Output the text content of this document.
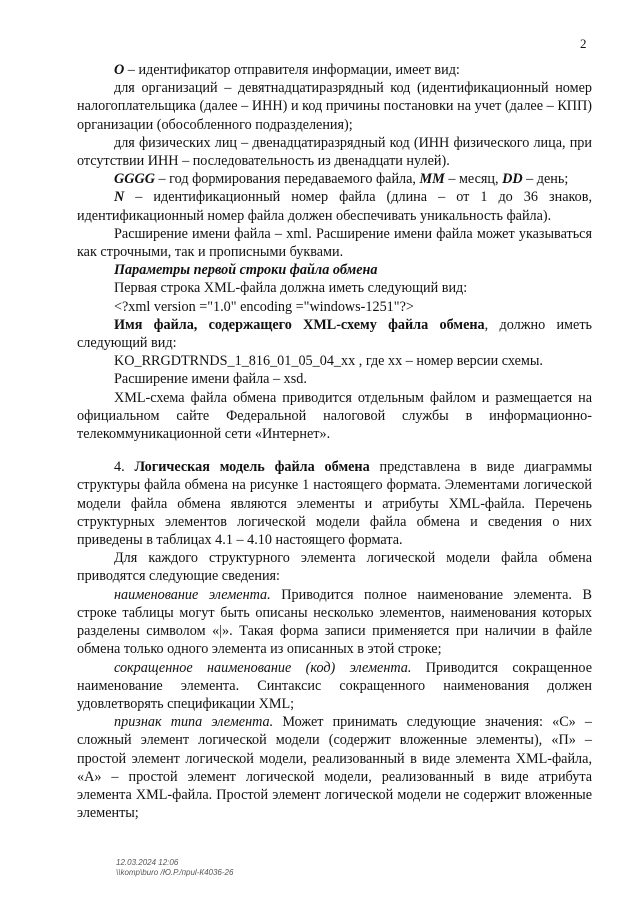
2

O – идентификатор отправителя информации, имеет вид:

для организаций – девятнадцатиразрядный код (идентификационный номер налогоплательщика (далее – ИНН) и код причины постановки на учет (далее – КПП) организации (обособленного подразделения);

для физических лиц – двенадцатиразрядный код (ИНН физического лица, при отсутствии ИНН – последовательность из двенадцати нулей).

GGGG – год формирования передаваемого файла, MM – месяц, DD – день;

N – идентификационный номер файла (длина – от 1 до 36 знаков, идентификационный номер файла должен обеспечивать уникальность файла).

Расширение имени файла – xml. Расширение имени файла может указываться как строчными, так и прописными буквами.

Параметры первой строки файла обмена

Первая строка XML-файла должна иметь следующий вид:

<?xml version ="1.0" encoding ="windows-1251"?>

Имя файла, содержащего XML-схему файла обмена, должно иметь следующий вид:

KO_RRGDTRNDS_1_816_01_05_04_xx , где xx – номер версии схемы.

Расширение имени файла – xsd.

XML-схема файла обмена приводится отдельным файлом и размещается на официальном сайте Федеральной налоговой службы в информационно-телекоммуникационной сети «Интернет».

4. Логическая модель файла обмена представлена в виде диаграммы структуры файла обмена на рисунке 1 настоящего формата. Элементами логической модели файла обмена являются элементы и атрибуты XML-файла. Перечень структурных элементов логической модели файла обмена и сведения о них приведены в таблицах 4.1 – 4.10 настоящего формата.

Для каждого структурного элемента логической модели файла обмена приводятся следующие сведения:

наименование элемента. Приводится полное наименование элемента. В строке таблицы могут быть описаны несколько элементов, наименования которых разделены символом «|». Такая форма записи применяется при наличии в файле обмена только одного элемента из описанных в этой строке;

сокращенное наименование (код) элемента. Приводится сокращенное наименование элемента. Синтаксис сокращенного наименования должен удовлетворять спецификации XML;

признак типа элемента. Может принимать следующие значения: «С» – сложный элемент логической модели (содержит вложенные элементы), «П» – простой элемент логической модели, реализованный в виде элемента XML-файла, «А» – простой элемент логической модели, реализованный в виде атрибута элемента XML-файла. Простой элемент логической модели не содержит вложенные элементы;

12.03.2024 12:06
\\komp\buro /Ю.Р./приl-К4036-26
